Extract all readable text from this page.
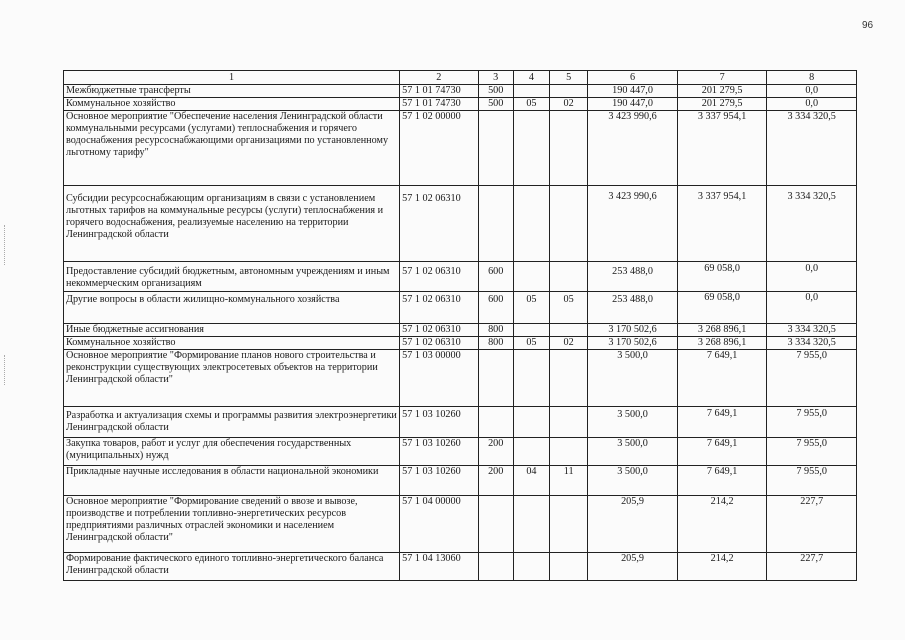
96
1	2	3	4	5	6	7	8
Межбюджетные трансферты	57 1 01 74730	500			190 447,0	201 279,5	0,0
Коммунальное хозяйство	57 1 01 74730	500	05	02	190 447,0	201 279,5	0,0
Основное мероприятие "Обеспечение населения Ленинградской области коммунальными ресурсами (услугами) теплоснабжения и горячего водоснабжения ресурсоснабжающими организациями по установленному льготному тарифу"	57 1 02 00000				3 423 990,6	3 337 954,1	3 334 320,5
Субсидии ресурсоснабжающим организациям в связи с установлением льготных тарифов на коммунальные ресурсы (услуги) теплоснабжения и горячего водоснабжения, реализуемые населению на территории Ленинградской области	57 1 02 06310				3 423 990,6	3 337 954,1	3 334 320,5
Предоставление субсидий бюджетным, автономным учреждениям и иным некоммерческим организациям	57 1 02 06310	600			253 488,0	69 058,0	0,0
Другие вопросы в области жилищно-коммунального хозяйства	57 1 02 06310	600	05	05	253 488,0	69 058,0	0,0
Иные бюджетные ассигнования	57 1 02 06310	800			3 170 502,6	3 268 896,1	3 334 320,5
Коммунальное хозяйство	57 1 02 06310	800	05	02	3 170 502,6	3 268 896,1	3 334 320,5
Основное мероприятие "Формирование планов нового строительства и реконструкции существующих электросетевых объектов на территории Ленинградской области"	57 1 03 00000				3 500,0	7 649,1	7 955,0
Разработка и актуализация схемы и программы развития электроэнергетики Ленинградской области	57 1 03 10260				3 500,0	7 649,1	7 955,0
Закупка товаров, работ и услуг для обеспечения государственных (муниципальных) нужд	57 1 03 10260	200			3 500,0	7 649,1	7 955,0
Прикладные научные исследования в области национальной экономики	57 1 03 10260	200	04	11	3 500,0	7 649,1	7 955,0
Основное мероприятие "Формирование сведений о ввозе и вывозе, производстве и потреблении топливно-энергетических ресурсов предприятиями различных отраслей экономики и населением Ленинградской области"	57 1 04 00000				205,9	214,2	227,7
Формирование фактического единого топливно-энергетического баланса Ленинградской области	57 1 04 13060				205,9	214,2	227,7
